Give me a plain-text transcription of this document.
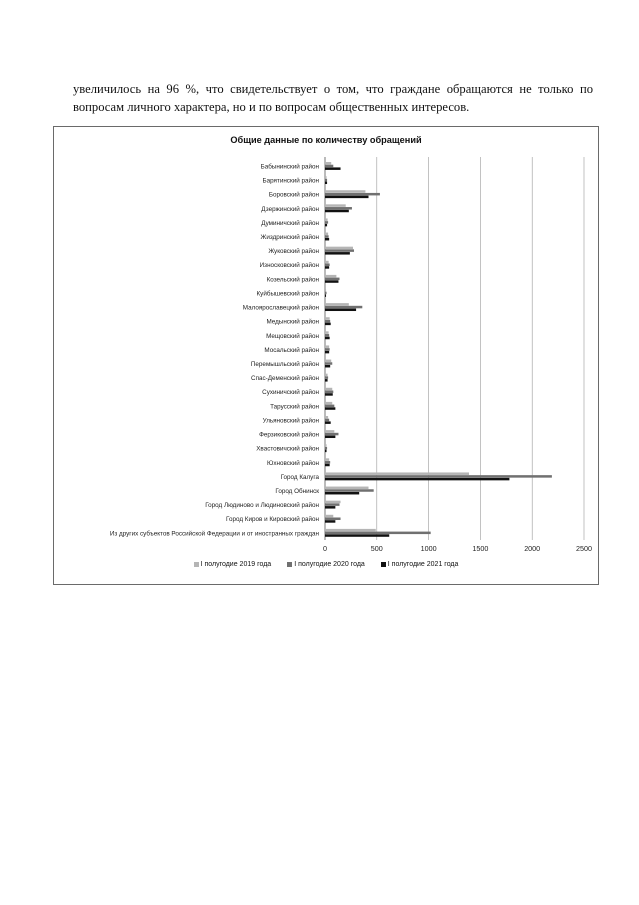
увеличилось на 96 %, что свидетельствует о том, что граждане обращаются не только по вопросам личного характера, но и по вопросам общественных интересов.

Общие данные по количеству обращений
Бабынинский район
Барятинский район
Боровский район
Дзержинский район
Думиничский район
Жиздринский район
Жуковский район
Износковский район
Козельский район
Куйбышевский район
Малоярославецкий район
Медынский район
Мещовский район
Мосальский район
Перемышльский район
Спас-Деменский район
Сухиничский район
Тарусский район
Ульяновский район
Ферзиковский район
Хвастовичский район
Юхновский район
Город Калуга
Город Обнинск
Город Людиново и Людиновский район
Город Киров и Кировский район
Из других субъектов Российской Федерации и от иностранных граждан
0	500	1000	1500	2000	2500
I полугодие 2019 года	I полугодие 2020 года	I полугодие 2021 года
